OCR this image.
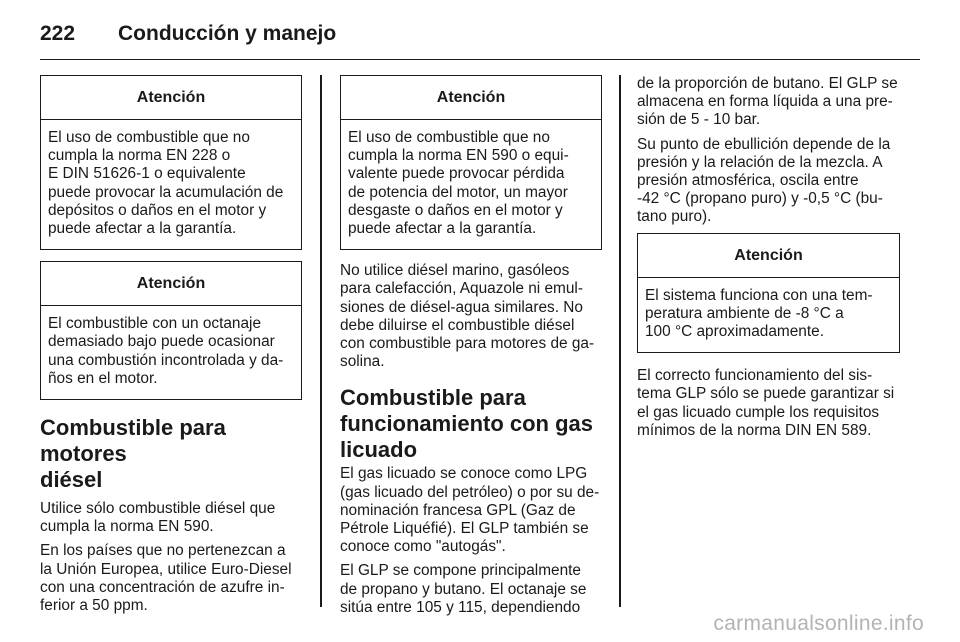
222 Conducción y manejo
Atención
El uso de combustible que no
cumpla la norma EN 228 o
E DIN 51626-1 o equivalente
puede provocar la acumulación de
depósitos o daños en el motor y
puede afectar a la garantía.
Atención
El combustible con un octanaje
demasiado bajo puede ocasionar
una combustión incontrolada y da-
ños en el motor.
Combustible para motores
diésel

Utilice sólo combustible diésel que
cumpla la norma EN 590.

En los países que no pertenezcan a
la Unión Europea, utilice Euro-Diesel
con una concentración de azufre in-
ferior a 50 ppm.

Atención
El uso de combustible que no
cumpla la norma EN 590 o equi-
valente puede provocar pérdida
de potencia del motor, un mayor
desgaste o daños en el motor y
puede afectar a la garantía.

No utilice diésel marino, gasóleos
para calefacción, Aquazole ni emul-
siones de diésel-agua similares. No
debe diluirse el combustible diésel
con combustible para motores de ga-
solina.

Combustible para
funcionamiento con gas
licuado

El gas licuado se conoce como LPG
(gas licuado del petróleo) o por su de-
nominación francesa GPL (Gaz de
Pétrole Liquéfié). El GLP también se
conoce como "autogás".

El GLP se compone principalmente
de propano y butano. El octanaje se
sitúa entre 105 y 115, dependiendo

de la proporción de butano. El GLP se
almacena en forma líquida a una pre-
sión de 5 - 10 bar.

Su punto de ebullición depende de la
presión y la relación de la mezcla. A
presión atmosférica, oscila entre
-42 °C (propano puro) y -0,5 °C (bu-
tano puro).

Atención
El sistema funciona con una tem-
peratura ambiente de -8 °C a
100 °C aproximadamente.

El correcto funcionamiento del sis-
tema GLP sólo se puede garantizar si
el gas licuado cumple los requisitos
mínimos de la norma DIN EN 589.

carmanualsonline.info
